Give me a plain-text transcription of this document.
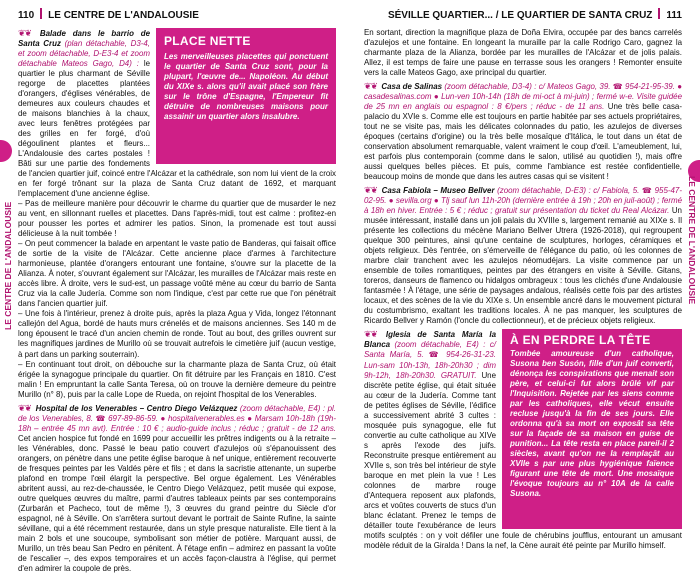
LE CENTRE DE L'ANDALOUSIE	LE CENTRE DE L'ANDALOUSIE
110 LE CENTRE DE L'ANDALOUSIE
PLACE NETTE
Les merveilleuses placettes qui ponctuent le quartier de Santa Cruz sont, pour la plupart, l'œuvre de... Napoléon. Au début du XIXe s. alors qu'il avait placé son frère sur le trône d'Espagne, l'Empereur fit détruire de nombreuses maisons pour assainir un quartier alors insalubre.

❦❦ Balade dans le barrio de Santa Cruz (plan détachable, D3-4, et zoom détachable, D-E3-4 et zoom détachable Mateos Gago, D4) : le quartier le plus charmant de Séville regorge de placettes plantées d'orangers, d'églises vénérables, de demeures aux couleurs chaudes et de maisons blanchies à la chaux, avec leurs fenêtres protégées par des grilles en fer forgé, d'où dégoulinent plantes et fleurs... L'Andalousie des cartes postales ! Bâti sur une partie des fondements de l'ancien quartier juif, coincé entre l'Alcázar et la cathédrale, son nom lui vient de la croix en fer forgé trônant sur la plaza de Santa Cruz datant de 1692, et marquant l'emplacement d'une ancienne église.

– Pas de meilleure manière pour découvrir le charme du quartier que de musarder le nez au vent, en sillonnant ruelles et placettes. Dans l'après-midi, tout est calme : profitez-en pour pousser les portes et admirer les patios. Sinon, la promenade est tout aussi délicieuse à la nuit tombée !

– On peut commencer la balade en arpentant le vaste patio de Banderas, qui faisait office de sortie de la visite de l'Alcázar. Cette ancienne place d'armes à l'architecture harmonieuse, plantée d'orangers entourant une fontaine, s'ouvre sur la placette de la Alianza. À noter, s'ouvrant également sur l'Alcázar, les murailles de l'Alcázar mais reste en accès libre. À droite, vers le sud-est, un passage voûté mène au cœur du barrio de Santa Cruz via la calle Judería. Comme son nom l'indique, c'est par cette rue que l'on pénétrait dans l'ancien quartier juif.

– Une fois à l'intérieur, prenez à droite puis, après la plaza Agua y Vida, longez l'étonnant callejón del Agua, bordé de hauts murs crénelés et de maisons anciennes. Ses 140 m de long épousent le tracé d'un ancien chemin de ronde. Tout au bout, des grilles ouvrent sur les magnifiques jardines de Murillo où se trouvait autrefois le cimetière juif (aucun vestige, à part dans un parking souterrain).

– En continuant tout droit, on débouche sur la charmante plaza de Santa Cruz, où était érigée la synagogue principale du quartier. On fit détruire par les Français en 1810. C'est malin ! En empruntant la calle Santa Teresa, où on trouve la dernière demeure du peintre Murillo (n° 8), puis par la calle Lope de Rueda, on rejoint l'hospital de los Venerables.

❦❦ Hospital de los Venerables – Centro Diego Velázquez (zoom détachable, E4) : pl. de los Venerables, 8. ☎ 697-89-86-59. ● hospitalvenerables.es ● Marsam 10h-18h (19h-18h – entrée 45 mn avt). Entrée : 10 € ; audio-guide inclus ; réduc ; gratuit - de 12 ans. Cet ancien hospice fut fondé en 1699 pour accueillir les prêtres indigents ou à la retraite – les Vénérables, donc. Passé le beau patio couvert d'azulejos où s'épanouissent des orangers, on pénètre dans une petite église baroque à nef unique, entièrement recouverte de fresques peintes par les Valdés père et fils ; et dans la sacristie attenante, un superbe plafond en trompe l'œil élargit la perspective. Bel orgue également. Les Vénérables abritent aussi, au rez-de-chaussée, le Centro Diego Velázquez, petit musée qui expose, outre quelques œuvres du maître, parmi d'autres tableaux peints par ses contemporains (Zurbarán et Pacheco, tout de même !), 3 œuvres du grand peintre du Siècle d'or espagnol, né à Séville. On s'arrêtera surtout devant le portrait de Sainte Rufine, la sainte sévillane, qui a été récemment restaurée, dans un style presque naturaliste. Elle tient à la main 2 bols et une soucoupe, symbolisant son métier de potière. Marquant aussi, de Murillo, un très beau San Pedro en pénitent. À l'étage enfin – admirez en passant la voûte de l'escalier –, des expos temporaires et un accès façon-claustra à l'église, qui permet d'en admirer la coupole de près.

SÉVILLE QUARTIER... / LE QUARTIER DE SANTA CRUZ 111

En sortant, direction la magnifique plaza de Doña Elvira, occupée par des bancs carrelés d'azulejos et une fontaine. En longeant la muraille par la calle Rodrigo Caro, gagnez la charmante plaza de la Alianza, bordée par les murailles de l'Alcázar et de jolis palais. Allez, il est temps de faire une pause en terrasse sous les orangers ! Remonter ensuite vers la calle Mateos Gago, axe principal du quartier.

❦❦ Casa de Salinas (zoom détachable, D3-4) : c/ Mateos Gago, 39. ☎ 954-21-95-39. ● casadesalinas.com ● Lun-ven 10h-14h (18h de mi-oct à mi-juin) ; fermé w-e. Visite guidée de 25 mn en anglais ou espagnol : 8 €/pers ; réduc - de 11 ans. Une très belle casa-palacio du XVIe s. Comme elle est toujours en partie habitée par ses actuels propriétaires, tout ne se visite pas, mais les délicates colonnades du patio, les azulejos de diverses époques (certains d'origine) ou la très belle mosaïque d'Itálica, le tout dans un état de conservation absolument remarquable, valent vraiment le coup d'œil. L'ameublement, lui, est parfois plus contemporain (comme dans le salon, utilisé au quotidien !), mais offre aussi quelques belles pièces. Et puis, comme l'ambiance est restée confidentielle, beaucoup moins de monde que dans les autres casas qui se visitent !

❦❦ Casa Fabiola – Museo Bellver (zoom détachable, D-E3) : c/ Fabiola, 5. ☎ 955-47-02-95. ● sevilla.org ● Tlj sauf lun 11h-20h (dernière entrée à 19h ; 20h en juil-août) ; fermé à 18h en hiver. Entrée : 5 € ; réduc ; gratuit sur présentation du ticket du Real Alcázar. Un musée intéressant, installé dans un joli palais du XVIIIe s, largement remanié au XIXe s. Il présente les collections du mécène Mariano Bellver Utrera (1926-2018), qui regroupent quelque 300 peintures, ainsi qu'une centaine de sculptures, horloges, céramiques et objets religieux. Dès l'entrée, on s'émerveille de l'élégance du patio, où les colonnes de marbre clair tranchent avec les azulejos néomudéjars. La visite commence par un ensemble de toiles romantiques, peintes par des étrangers en visite à Séville. Gitans, toreros, danseurs de flamenco ou hidalgos ombrageux : tous les clichés d'une Andalousie fantasmée ! À l'étage, une série de paysages andalous, réalisés cette fois par des artistes locaux, et des scènes de la vie du XIXe s. Un ensemble ancré dans le mouvement pictural du costumbrismo, exaltant les traditions locales. À ne pas manquer, les sculptures de Ricardo Bellver y Ramón (l'oncle du collectionneur), et de précieux objets religieux.

À EN PERDRE LA TÊTE
Tombée amoureuse d'un catholique, Susona ben Susón, fille d'un juif converti, dénonça les conspirations que menait son père, et celui-ci fut alors brûlé vif par l'Inquisition. Rejetée par les siens comme par les catholiques, elle vécut ensuite recluse jusqu'à la fin de ses jours. Elle ordonna qu'à sa mort on exposât sa tête sur la façade de sa maison en guise de punition... La tête resta en place pareil-il 2 siècles, avant qu'on ne la remplaçât au XVIIe s par une plus hygiénique faïence figurant une tête de mort. Une mosaïque l'évoque toujours au n° 10A de la calle Susona.

❦❦ Iglesia de Santa María la Blanca (zoom détachable, E4) : c/ Santa María, 5. ☎ 954-26-31-23. Lun-sam 10h-13h, 18h-20h30 ; dim 9h-12h, 18h-20h30. GRATUIT. Une discrète petite église, qui était située au cœur de la Judería. Comme tant de petites églises de Séville, l'édifice a successivement abrité 3 cultes : mosquée puis synagogue, elle fut convertie au culte catholique au XIVe s après l'exode des juifs. Reconstruite presque entièrement au XVIIe s, son très bel intérieur de style baroque en met plein la vue ! Les colonnes de marbre rouge d'Antequera reposent aux plafonds, arcs et voûtes couverts de stucs d'un blanc éclatant. Prenez le temps de détailler toute l'exubérance de leurs motifs sculptés : on y voit défiler une foule de chérubins joufflus, entourant un amusant modèle réduit de la Giralda ! Dans la nef, la Cène aurait été peinte par Murillo himself.
